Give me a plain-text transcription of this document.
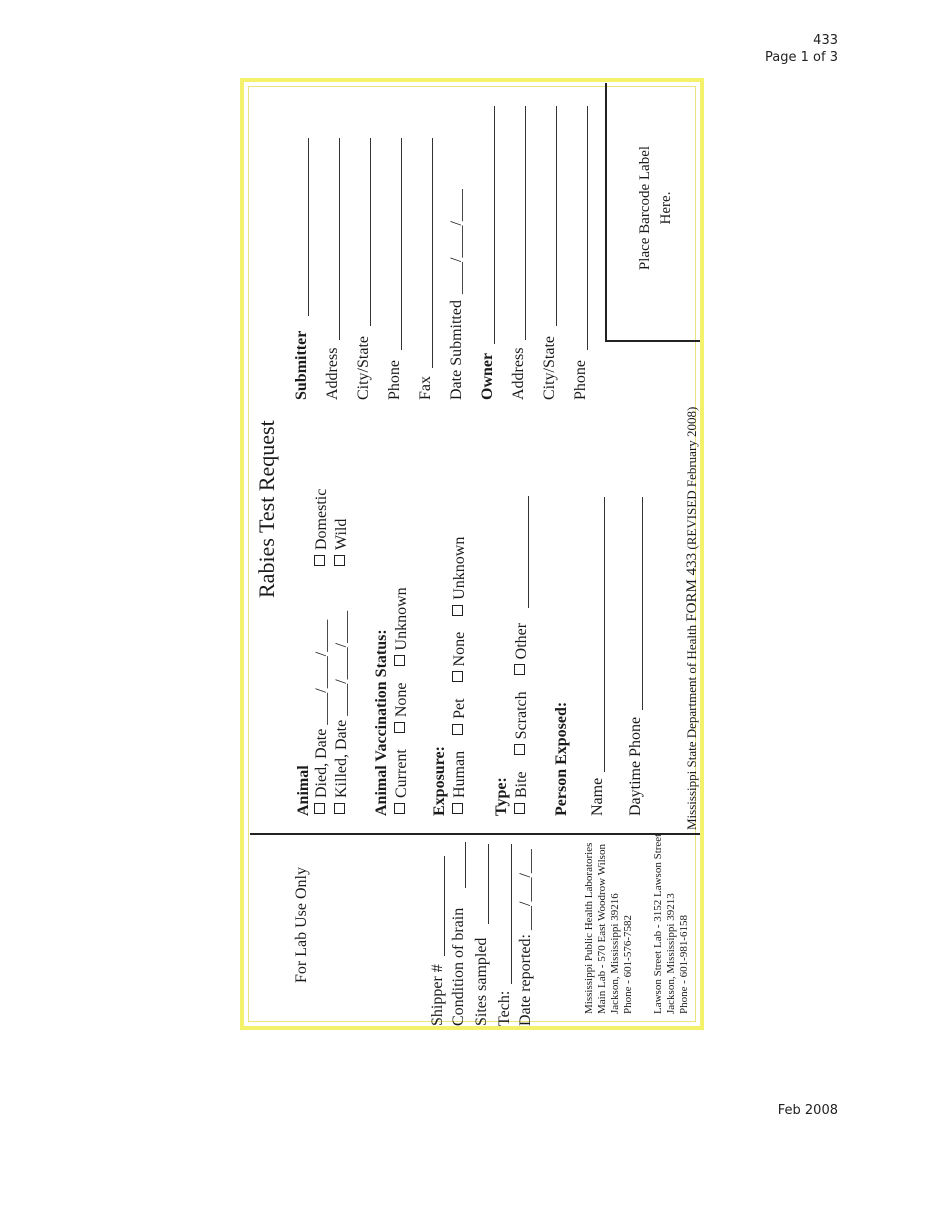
433
Page 1 of 3
For Lab Use Only
Shipper # Condition of brain Sites sampled Tech: Date reported:
___/___/___	Mississippi Public Health Laboratories Main Lab - 570 East Woodrow Wilson Jackson, Mississippi 39216 Phone - 601-576-7582 Lawson Street Lab - 3152 Lawson Street Jackson, Mississippi 39213 Phone - 601-981-6158
Rabies Test Request
Animal Died, Date ____/____/____
Killed, Date ____/____/____
Domestic Wild
Animal Vaccination Status: Current None Unknown
Exposure: Human Pet None Unknown
Type: Bite Scratch Other
Person Exposed: Name Daytime Phone
Submitter Address City/State Phone Fax Date Submitted
____/____/____
Owner Address City/State Phone
Place Barcode Label Here.
Mississippi State Department of Health FORM 433 (REVISED February 2008)
Feb 2008
